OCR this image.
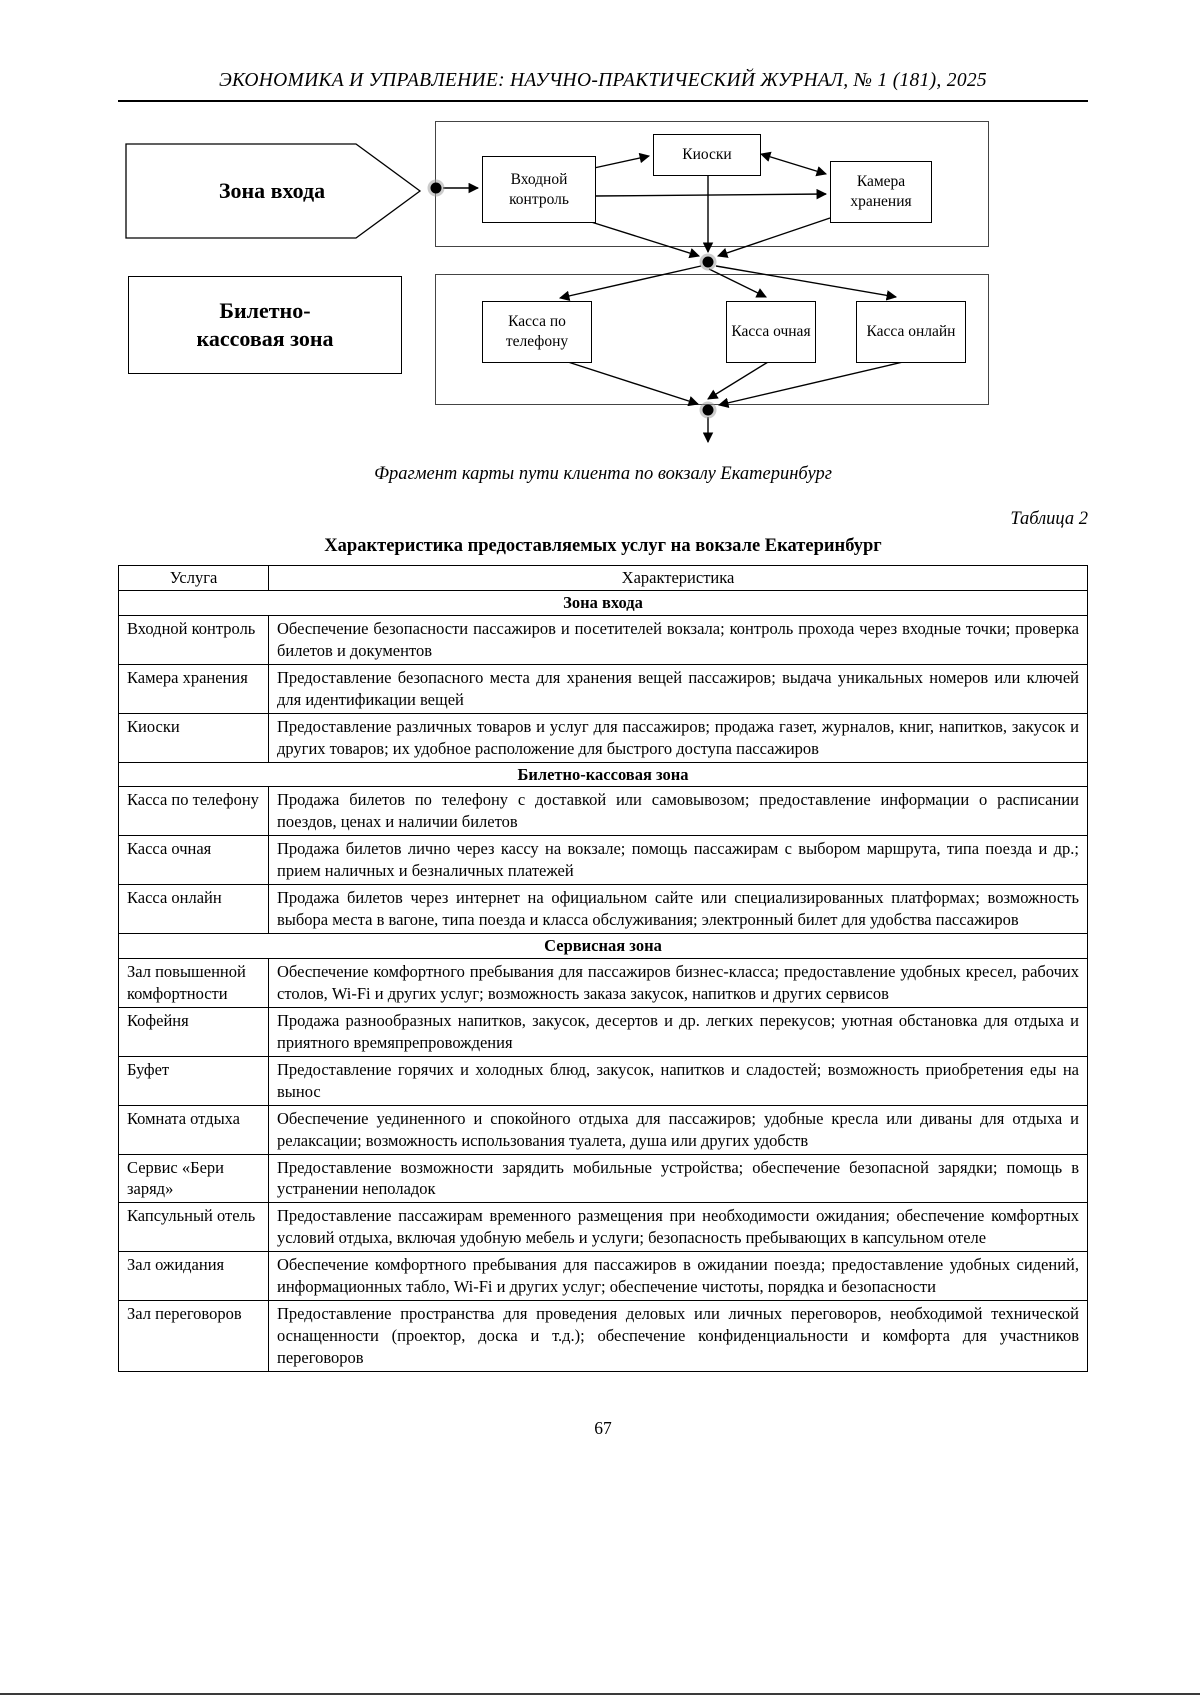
ЭКОНОМИКА И УПРАВЛЕНИЕ: НАУЧНО-ПРАКТИЧЕСКИЙ ЖУРНАЛ, № 1 (181), 2025
Зона входа
Билетно-кассовая зона
Входной контроль
Киоски
Камера хранения
Касса по телефону
Касса очная	Касса онлайн
Фрагмент карты пути клиента по вокзалу Екатеринбург
Таблица 2
Характеристика предоставляемых услуг на вокзале Екатеринбург
Услуга	Характеристика
Зона входа	
Входной контроль	Обеспечение безопасности пассажиров и посетителей вокзала; контроль прохода через входные точки; проверка билетов и документов
Камера хранения	Предоставление безопасного места для хранения вещей пассажиров; выдача уникальных номеров или ключей для идентификации вещей
Киоски	Предоставление различных товаров и услуг для пассажиров; продажа газет, журналов, книг, напитков, закусок и других товаров; их удобное расположение для быстрого доступа пассажиров
Билетно-кассовая зона	
Касса по телефону	Продажа билетов по телефону с доставкой или самовывозом; предоставление информации о расписании поездов, ценах и наличии билетов
Касса очная	Продажа билетов лично через кассу на вокзале; помощь пассажирам с выбором маршрута, типа поезда и др.; прием наличных и безналичных платежей
Касса онлайн	Продажа билетов через интернет на официальном сайте или специализированных платформах; возможность выбора места в вагоне, типа поезда и класса обслуживания; электронный билет для удобства пассажиров
Сервисная зона	
Зал повышенной комфортности	Обеспечение комфортного пребывания для пассажиров бизнес-класса; предоставление удобных кресел, рабочих столов, Wi-Fi и других услуг; возможность заказа закусок, напитков и других сервисов
Кофейня	Продажа разнообразных напитков, закусок, десертов и др. легких перекусов; уютная обстановка для отдыха и приятного времяпрепровождения
Буфет	Предоставление горячих и холодных блюд, закусок, напитков и сладостей; возможность приобретения еды на вынос
Комната отдыха	Обеспечение уединенного и спокойного отдыха для пассажиров; удобные кресла или диваны для отдыха и релаксации; возможность использования туалета, душа или других удобств
Сервис «Бери заряд»	Предоставление возможности зарядить мобильные устройства; обеспечение безопасной зарядки; помощь в устранении неполадок
Капсульный отель	Предоставление пассажирам временного размещения при необходимости ожидания; обеспечение комфортных условий отдыха, включая удобную мебель и услуги; безопасность пребывающих в капсульном отеле
Зал ожидания	Обеспечение комфортного пребывания для пассажиров в ожидании поезда; предоставление удобных сидений, информационных табло, Wi-Fi и других услуг; обеспечение чистоты, порядка и безопасности
Зал переговоров	Предоставление пространства для проведения деловых или личных переговоров, необходимой технической оснащенности (проектор, доска и т.д.); обеспечение конфиденциальности и комфорта для участников переговоров
67
